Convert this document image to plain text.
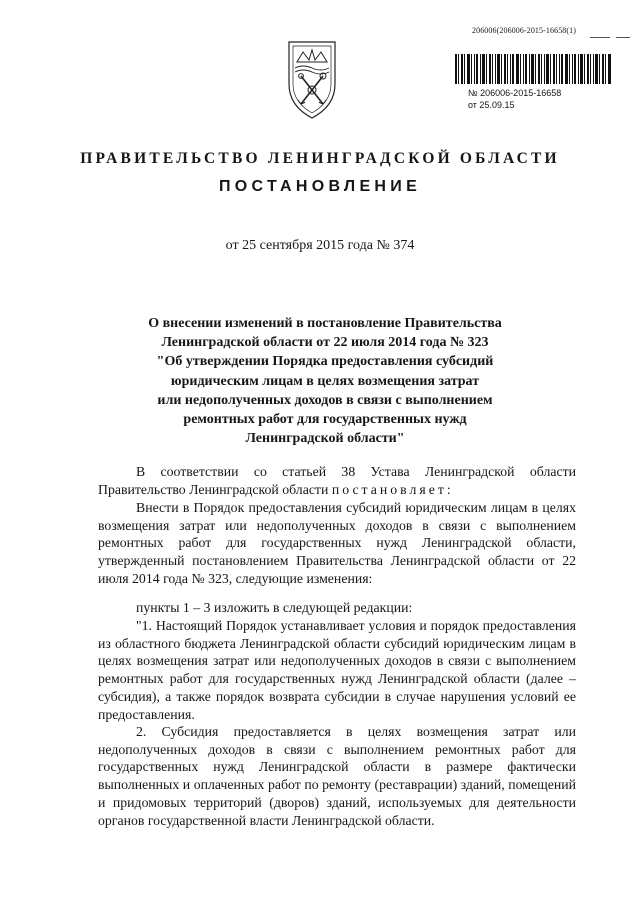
206006(206006-2015-16658(1)
№ 206006-2015-16658
от 25.09.15
ПРАВИТЕЛЬСТВО ЛЕНИНГРАДСКОЙ ОБЛАСТИ
ПОСТАНОВЛЕНИЕ
от 25 сентября 2015 года № 374
О внесении изменений в постановление Правительства
Ленинградской области от 22 июля 2014 года № 323
"Об утверждении Порядка предоставления субсидий
юридическим лицам в целях возмещения затрат
или недополученных доходов в связи с выполнением
ремонтных работ для государственных нужд
Ленинградской области"

В соответствии со статьей 38 Устава Ленинградской области Правительство Ленинградской области постановляет:

Внести в Порядок предоставления субсидий юридическим лицам в целях возмещения затрат или недополученных доходов в связи с выполнением ремонтных работ для государственных нужд Ленинградской области, утвержденный постановлением Правительства Ленинградской области от 22 июля 2014 года № 323, следующие изменения:

пункты 1 – 3 изложить в следующей редакции:

"1. Настоящий Порядок устанавливает условия и порядок предоставления из областного бюджета Ленинградской области субсидий юридическим лицам в целях возмещения затрат или недополученных доходов в связи с выполнением ремонтных работ для государственных нужд Ленинградской области (далее – субсидия), а также порядок возврата субсидии в случае нарушения условий ее предоставления.

2. Субсидия предоставляется в целях возмещения затрат или недополученных доходов в связи с выполнением ремонтных работ для государственных нужд Ленинградской области в размере фактически выполненных и оплаченных работ по ремонту (реставрации) зданий, помещений и придомовых территорий (дворов) зданий, используемых для деятельности органов государственной власти Ленинградской области.
